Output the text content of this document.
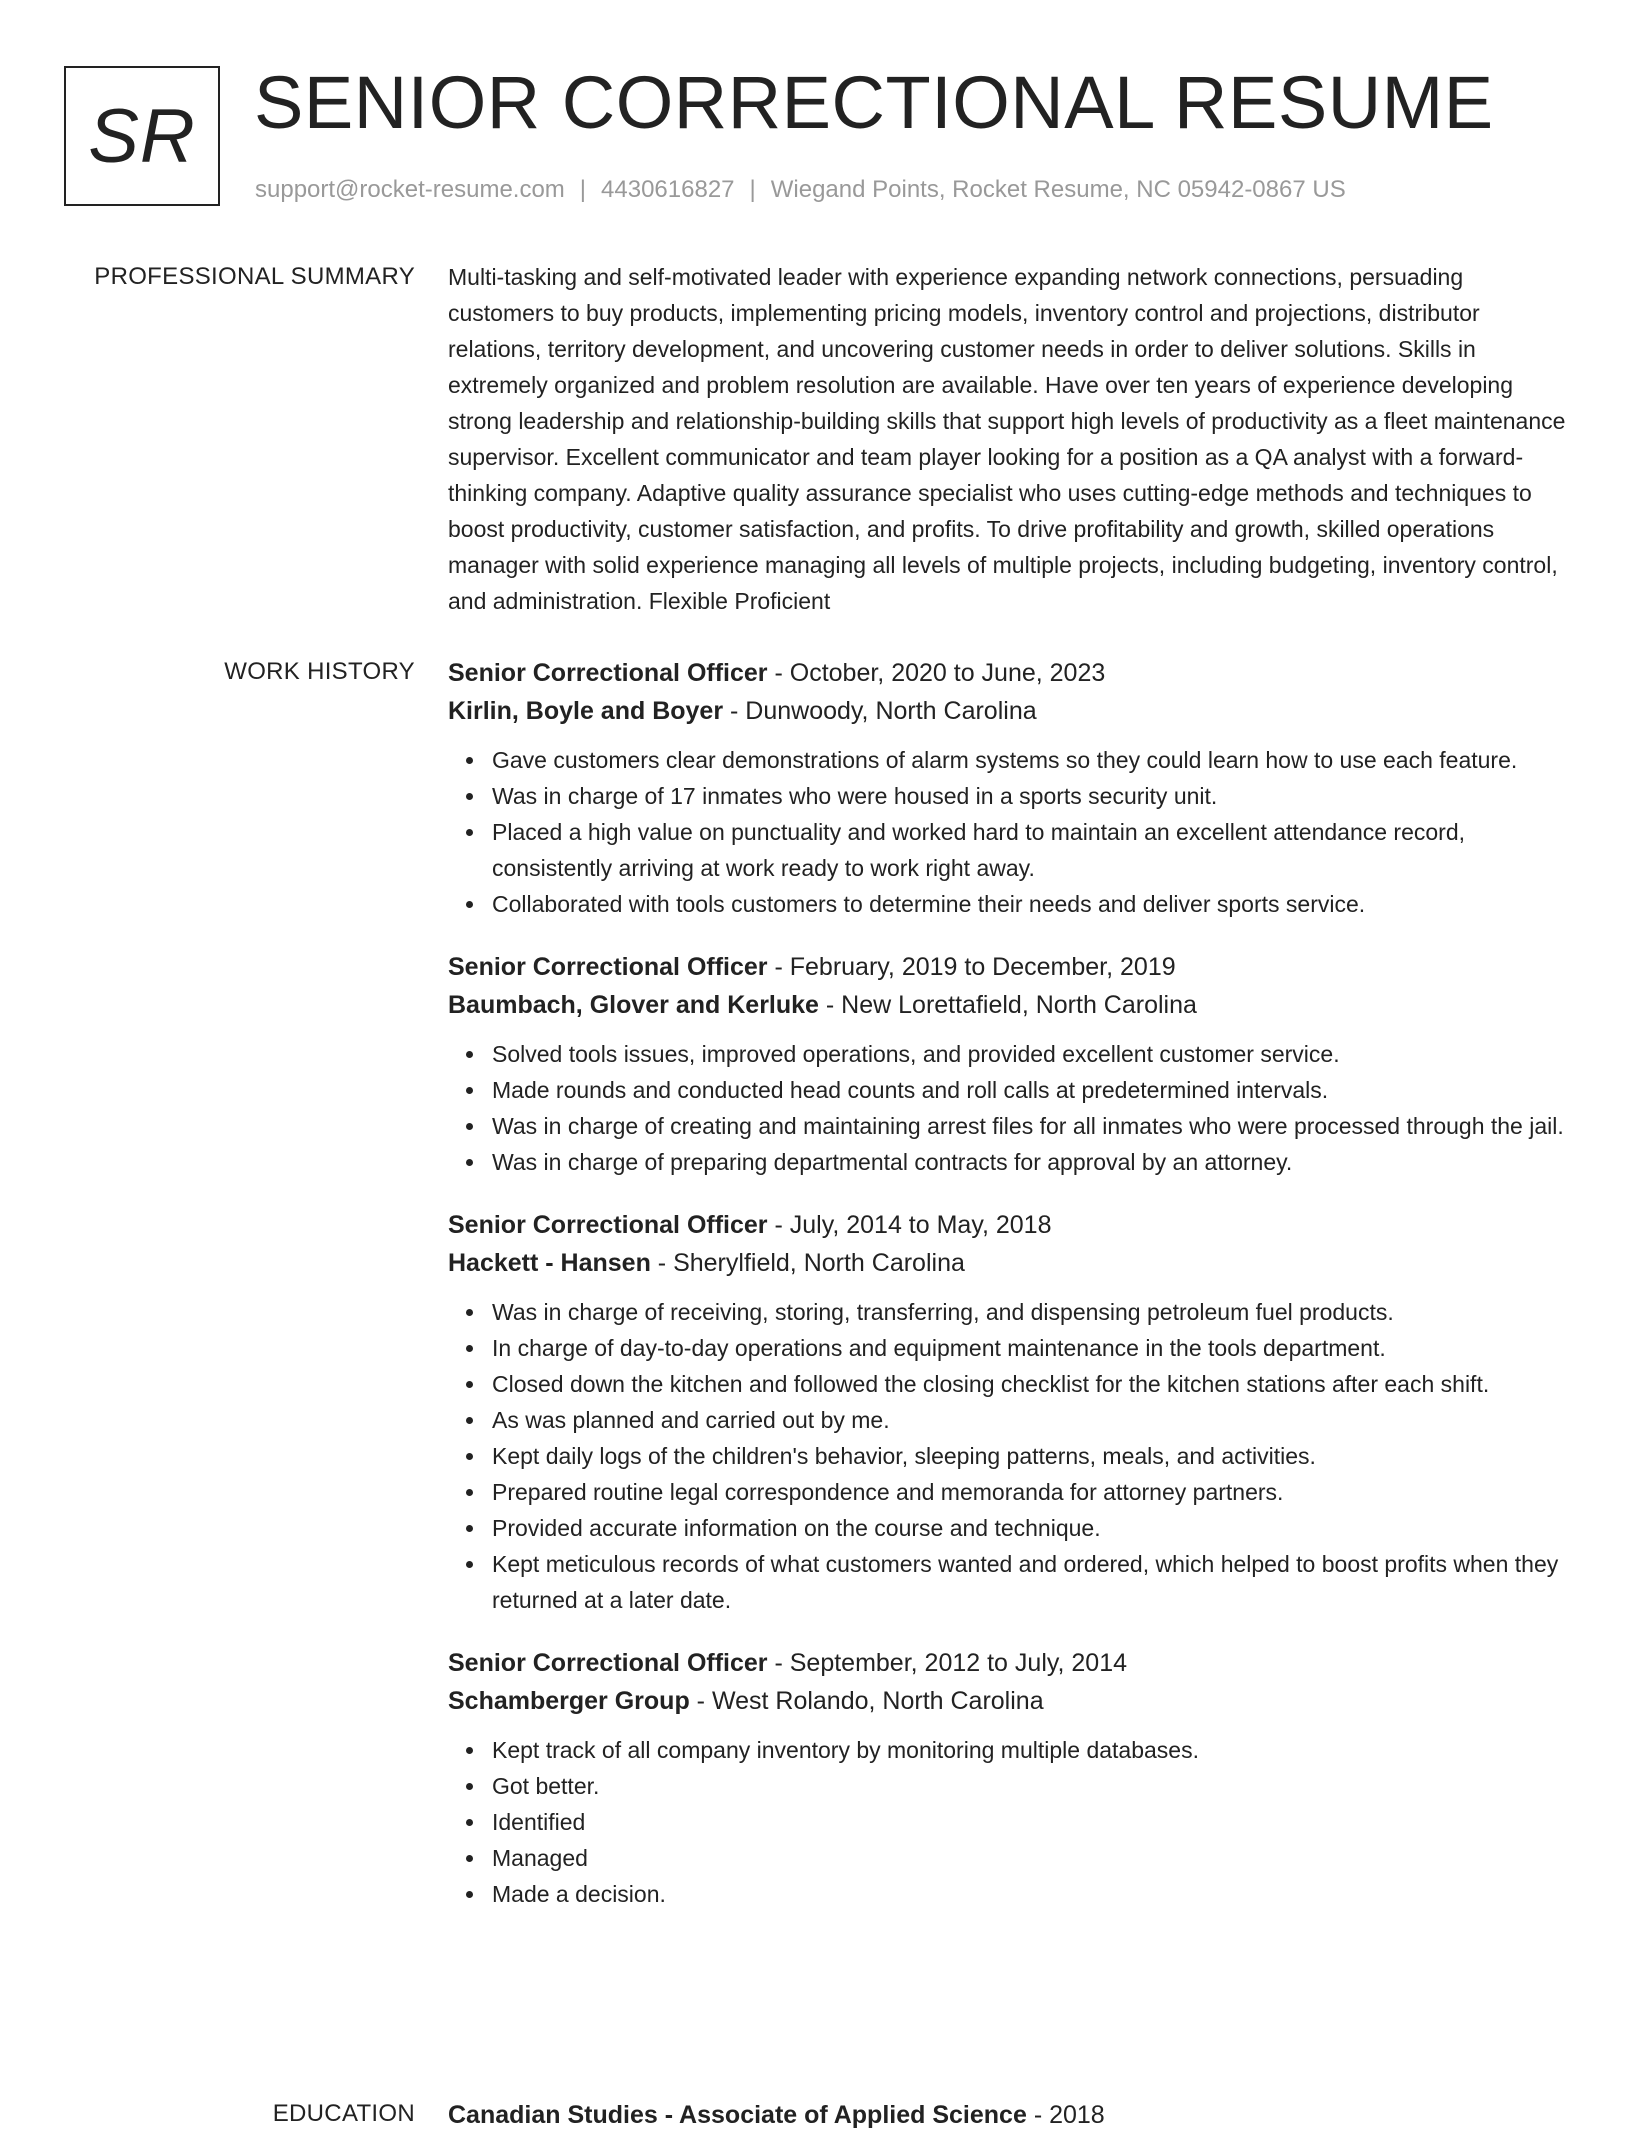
SR SENIOR CORRECTIONAL RESUME
support@rocket-resume.com | 4430616827 | Wiegand Points, Rocket Resume, NC 05942-0867 US
PROFESSIONAL SUMMARY Multi-tasking and self-motivated leader with experience expanding network connections, persuading customers to buy products, implementing pricing models, inventory control and projections, distributor relations, territory development, and uncovering customer needs in order to deliver solutions. Skills in extremely organized and problem resolution are available. Have over ten years of experience developing strong leadership and relationship-building skills that support high levels of productivity as a fleet maintenance supervisor. Excellent communicator and team player looking for a position as a QA analyst with a forward-thinking company. Adaptive quality assurance specialist who uses cutting-edge methods and techniques to boost productivity, customer satisfaction, and profits. To drive profitability and growth, skilled operations manager with solid experience managing all levels of multiple projects, including budgeting, inventory control, and administration. Flexible Proficient

WORK HISTORY Senior Correctional Officer - October, 2020 to June, 2023
Kirlin, Boyle and Boyer - Dunwoody, North Carolina
Gave customers clear demonstrations of alarm systems so they could learn how to use each feature.
Was in charge of 17 inmates who were housed in a sports security unit.
Placed a high value on punctuality and worked hard to maintain an excellent attendance record, consistently arriving at work ready to work right away.
Collaborated with tools customers to determine their needs and deliver sports service.
Senior Correctional Officer - February, 2019 to December, 2019
Baumbach, Glover and Kerluke - New Lorettafield, North Carolina
Solved tools issues, improved operations, and provided excellent customer service.
Made rounds and conducted head counts and roll calls at predetermined intervals.
Was in charge of creating and maintaining arrest files for all inmates who were processed through the jail.
Was in charge of preparing departmental contracts for approval by an attorney.
Senior Correctional Officer - July, 2014 to May, 2018
Hackett - Hansen - Sherylfield, North Carolina
Was in charge of receiving, storing, transferring, and dispensing petroleum fuel products.
In charge of day-to-day operations and equipment maintenance in the tools department.
Closed down the kitchen and followed the closing checklist for the kitchen stations after each shift.
As was planned and carried out by me.
Kept daily logs of the children's behavior, sleeping patterns, meals, and activities.
Prepared routine legal correspondence and memoranda for attorney partners.
Provided accurate information on the course and technique.
Kept meticulous records of what customers wanted and ordered, which helped to boost profits when they returned at a later date.
Senior Correctional Officer - September, 2012 to July, 2014
Schamberger Group - West Rolando, North Carolina
Kept track of all company inventory by monitoring multiple databases.
Got better.
Identified
Managed
Made a decision.
EDUCATION Canadian Studies - Associate of Applied Science - 2018
